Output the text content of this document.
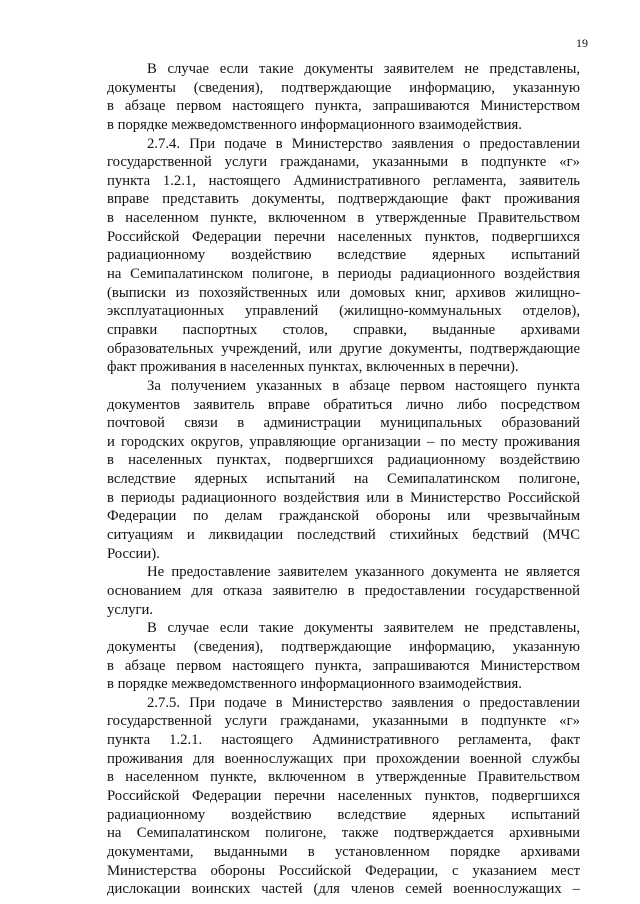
19
В случае если такие документы заявителем не представлены,
документы (сведения), подтверждающие информацию, указанную
в абзаце первом настоящего пункта, запрашиваются Министерством
в порядке межведомственного информационного взаимодействия.
2.7.4. При подаче в Министерство заявления о предоставлении
государственной услуги гражданами, указанными в подпункте «г»
пункта 1.2.1, настоящего Административного регламента, заявитель
вправе представить документы, подтверждающие факт проживания
в населенном пункте, включенном в утвержденные Правительством
Российской Федерации перечни населенных пунктов, подвергшихся
радиационному воздействию вследствие ядерных испытаний
на Семипалатинском полигоне, в периоды радиационного воздействия
(выписки из похозяйственных или домовых книг, архивов жилищно-
эксплуатационных управлений (жилищно-коммунальных отделов),
справки паспортных столов, справки, выданные архивами
образовательных учреждений, или другие документы, подтверждающие
факт проживания в населенных пунктах, включенных в перечни).
За получением указанных в абзаце первом настоящего пункта
документов заявитель вправе обратиться лично либо посредством
почтовой связи в администрации муниципальных образований
и городских округов, управляющие организации – по месту проживания
в населенных пунктах, подвергшихся радиационному воздействию
вследствие ядерных испытаний на Семипалатинском полигоне,
в периоды радиационного воздействия или в Министерство Российской
Федерации по делам гражданской обороны или чрезвычайным
ситуациям и ликвидации последствий стихийных бедствий (МЧС
России).
Не предоставление заявителем указанного документа не является
основанием для отказа заявителю в предоставлении государственной
услуги.
В случае если такие документы заявителем не представлены,
документы (сведения), подтверждающие информацию, указанную
в абзаце первом настоящего пункта, запрашиваются Министерством
в порядке межведомственного информационного взаимодействия.
2.7.5. При подаче в Министерство заявления о предоставлении
государственной услуги гражданами, указанными в подпункте «г»
пункта 1.2.1. настоящего Административного регламента, факт
проживания для военнослужащих при прохождении военной службы
в населенном пункте, включенном в утвержденные Правительством
Российской Федерации перечни населенных пунктов, подвергшихся
радиационному воздействию вследствие ядерных испытаний
на Семипалатинском полигоне, также подтверждается архивными
документами, выданными в установленном порядке архивами
Министерства обороны Российской Федерации, с указанием мест
дислокации воинских частей (для членов семей военнослужащих –
